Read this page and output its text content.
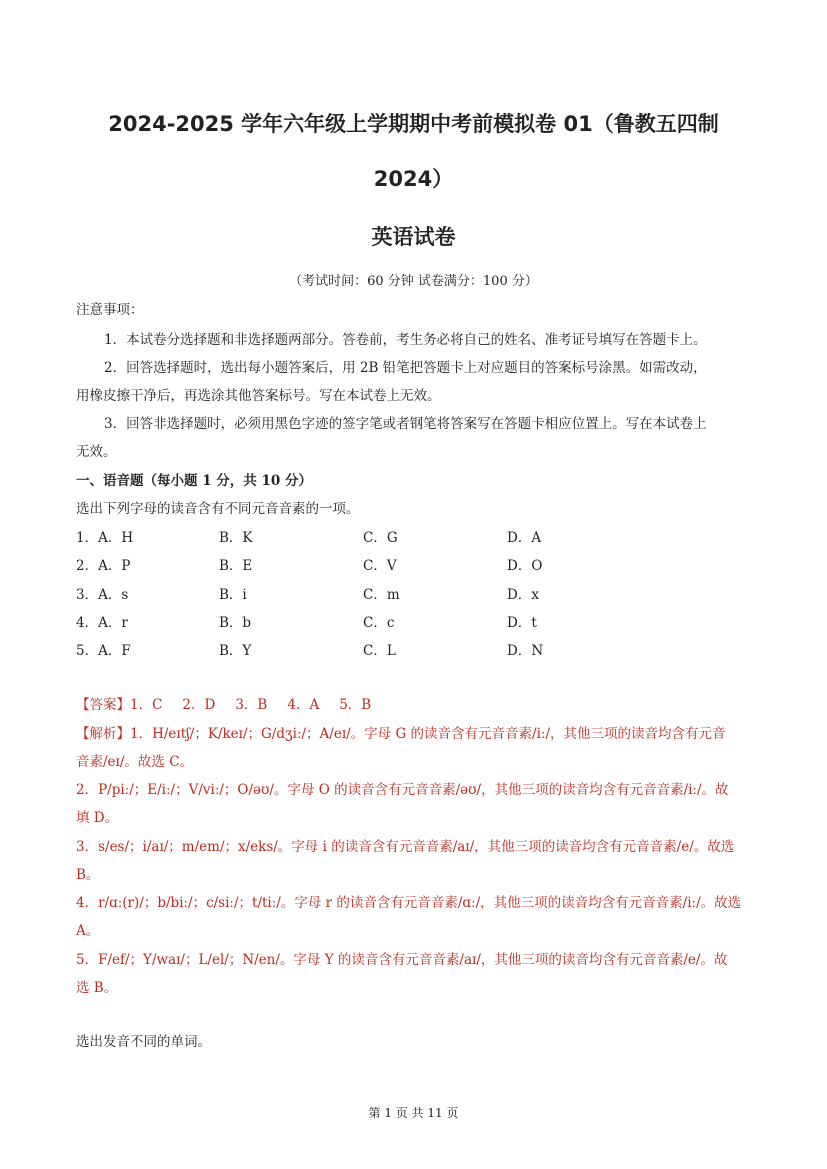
2024-2025 学年六年级上学期期中考前模拟卷 01（鲁教五四制
2024）
英语试卷
（考试时间：60 分钟 试卷满分：100 分）
注意事项：
1．本试卷分选择题和非选择题两部分。答卷前，考生务必将自己的姓名、准考证号填写在答题卡上。
2．回答选择题时，选出每小题答案后，用 2B 铅笔把答题卡上对应题目的答案标号涂黑。如需改动，
用橡皮擦干净后，再选涂其他答案标号。写在本试卷上无效。
3．回答非选择题时，必须用黑色字迹的签字笔或者钢笔将答案写在答题卡相应位置上。写在本试卷上
无效。
一、语音题（每小题 1 分，共 10 分）
选出下列字母的读音含有不同元音音素的一项。
1．A．H	B．K	C．G	D．A
2．A．P	B．E	C．V	D．O
3．A．s	B．i	C．m	D．x
4．A．r	B．b	C．c	D．t
5．A．F	B．Y	C．L	D．N
【答案】1．C 2．D 3．B 4．A 5．B
【解析】1．H/eɪtʃ/；K/keɪ/；G/dʒiː/；A/eɪ/。字母 G 的读音含有元音音素/iː/，其他三项的读音均含有元音
音素/eɪ/。故选 C。
2．P/piː/；E/iː/；V/viː/；O/əʊ/。字母 O 的读音含有元音音素/əʊ/，其他三项的读音均含有元音音素/iː/。故
填 D。
3．s/es/；i/aɪ/；m/em/；x/eks/。字母 i 的读音含有元音音素/aɪ/，其他三项的读音均含有元音音素/e/。故选
B。
4．r/ɑː(r)/；b/biː/；c/siː/；t/tiː/。字母 r 的读音含有元音音素/ɑː/，其他三项的读音均含有元音音素/iː/。故选
A。
5．F/ef/；Y/waɪ/；L/el/；N/en/。字母 Y 的读音含有元音音素/aɪ/，其他三项的读音均含有元音音素/e/。故
选 B。
选出发音不同的单词。
第 1 页 共 11 页
